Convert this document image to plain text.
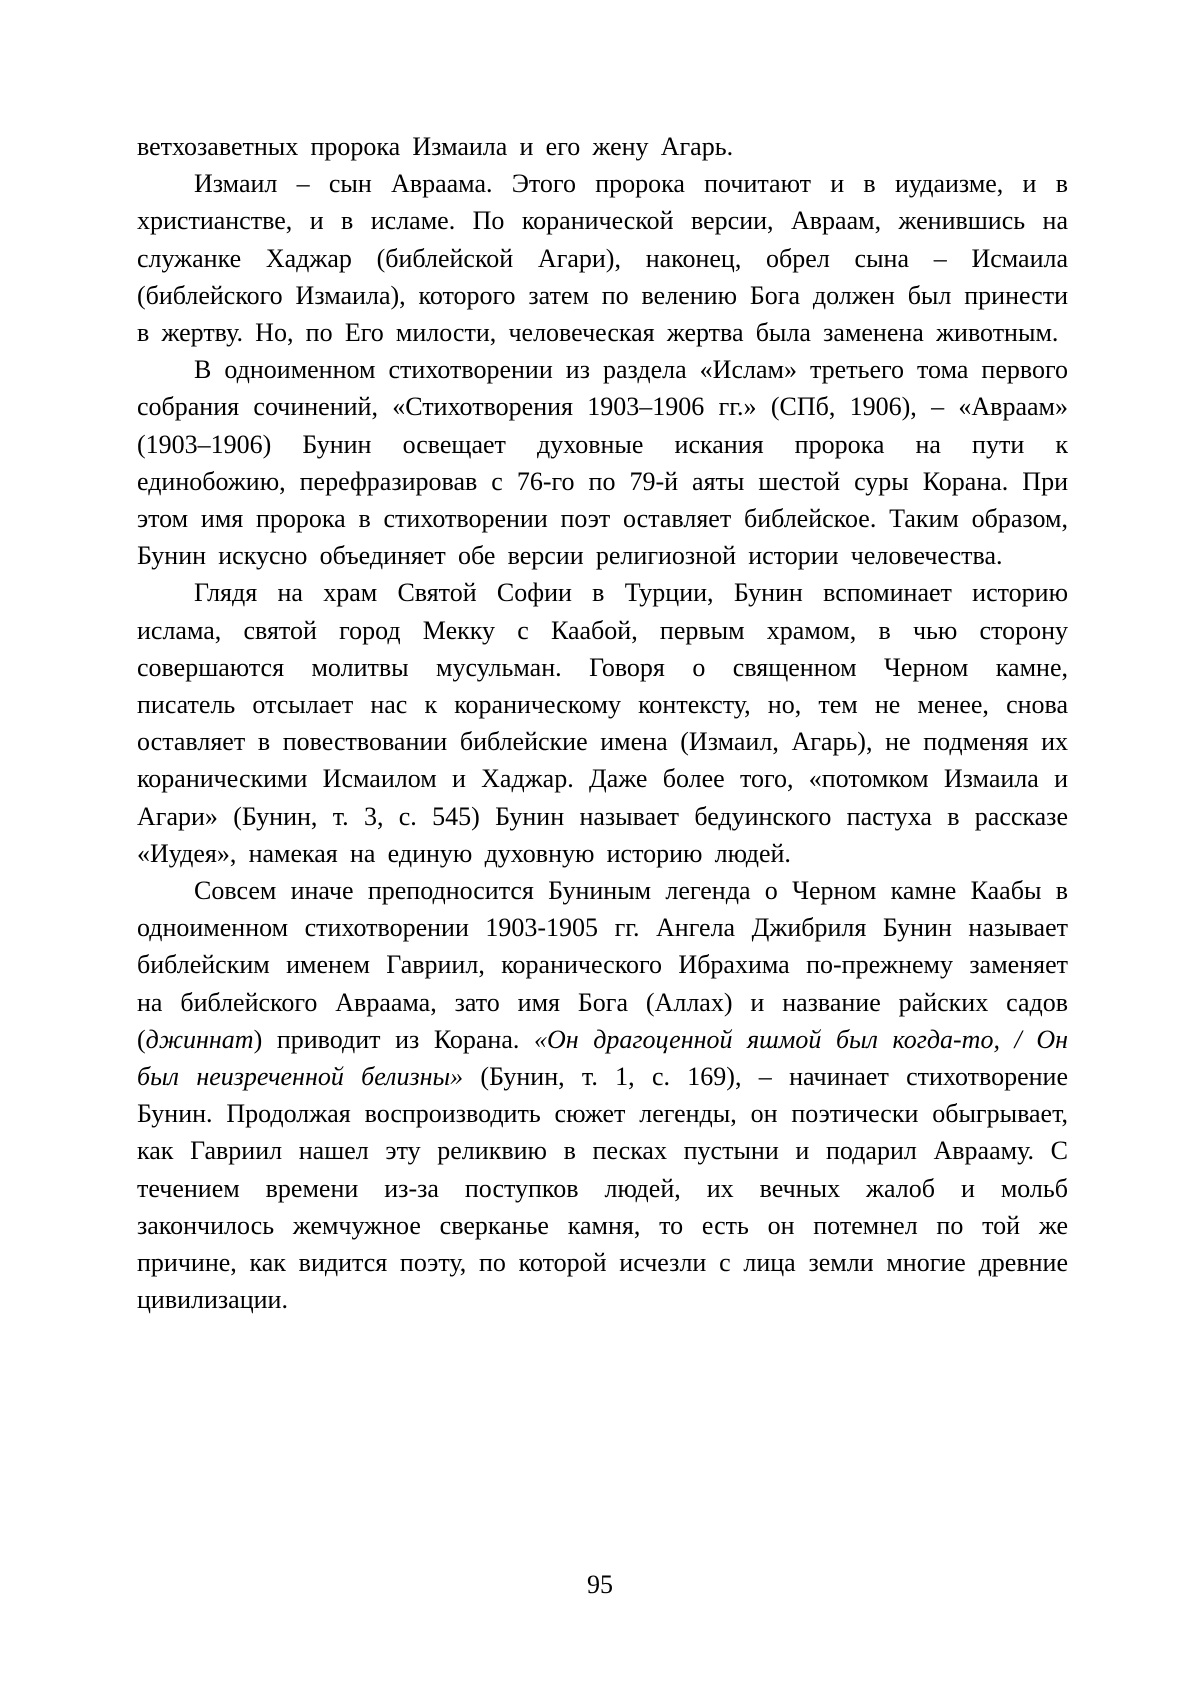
ветхозаветных пророка Измаила и его жену Агарь.

Измаил – сын Авраама. Этого пророка почитают и в иудаизме, и в христианстве, и в исламе. По коранической версии, Авраам, женившись на служанке Хаджар (библейской Агари), наконец, обрел сына – Исмаила (библейского Измаила), которого затем по велению Бога должен был принести в жертву. Но, по Его милости, человеческая жертва была заменена животным.

В одноименном стихотворении из раздела «Ислам» третьего тома первого собрания сочинений, «Стихотворения 1903–1906 гг.» (СПб, 1906), – «Авраам» (1903–1906) Бунин освещает духовные искания пророка на пути к единобожию, перефразировав с 76-го по 79-й аяты шестой суры Корана. При этом имя пророка в стихотворении поэт оставляет библейское. Таким образом, Бунин искусно объединяет обе версии религиозной истории человечества.

Глядя на храм Святой Софии в Турции, Бунин вспоминает историю ислама, святой город Мекку с Каабой, первым храмом, в чью сторону совершаются молитвы мусульман. Говоря о священном Черном камне, писатель отсылает нас к кораническому контексту, но, тем не менее, снова оставляет в повествовании библейские имена (Измаил, Агарь), не подменяя их кораническими Исмаилом и Хаджар. Даже более того, «потомком Измаила и Агари» (Бунин, т. 3, с. 545) Бунин называет бедуинского пастуха в рассказе «Иудея», намекая на единую духовную историю людей.

Совсем иначе преподносится Буниным легенда о Черном камне Каабы в одноименном стихотворении 1903-1905 гг. Ангела Джибриля Бунин называет библейским именем Гавриил, коранического Ибрахима по-прежнему заменяет на библейского Авраама, зато имя Бога (Аллах) и название райских садов (джиннат) приводит из Корана. «Он драгоценной яшмой был когда-то, / Он был неизреченной белизны» (Бунин, т. 1, с. 169), – начинает стихотворение Бунин. Продолжая воспроизводить сюжет легенды, он поэтически обыгрывает, как Гавриил нашел эту реликвию в песках пустыни и подарил Аврааму. С течением времени из-за поступков людей, их вечных жалоб и мольб закончилось жемчужное сверканье камня, то есть он потемнел по той же причине, как видится поэту, по которой исчезли с лица земли многие древние цивилизации.

95
